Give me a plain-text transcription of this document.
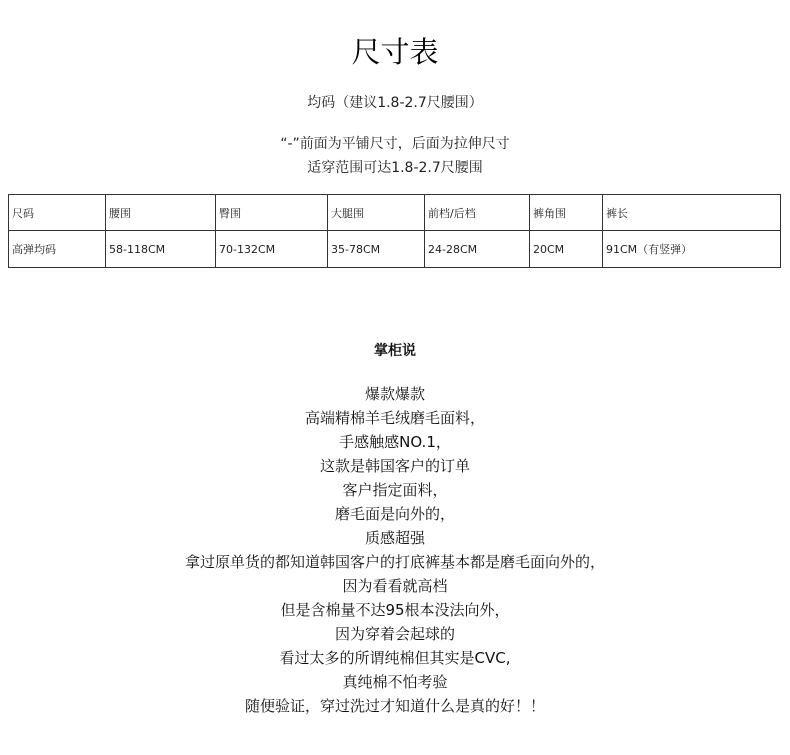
尺寸表
均码（建议1.8-2.7尺腰围）
“-”前面为平铺尺寸，后面为拉伸尺寸
适穿范围可达1.8-2.7尺腰围
尺码	腰围	臀围	大腿围	前档/后档	裤角围	裤长
高弹均码	58-118CM	70-132CM	35-78CM	24-28CM	20CM	91CM（有竖弹）
掌柜说
爆款爆款
高端精棉羊毛绒磨毛面料，
手感触感NO.1，
这款是韩国客户的订单
客户指定面料，
磨毛面是向外的，
质感超强
拿过原单货的都知道韩国客户的打底裤基本都是磨毛面向外的，
因为看看就高档
但是含棉量不达95根本没法向外，
因为穿着会起球的
看过太多的所谓纯棉但其实是CVC,
真纯棉不怕考验
随便验证，穿过洗过才知道什么是真的好！！
